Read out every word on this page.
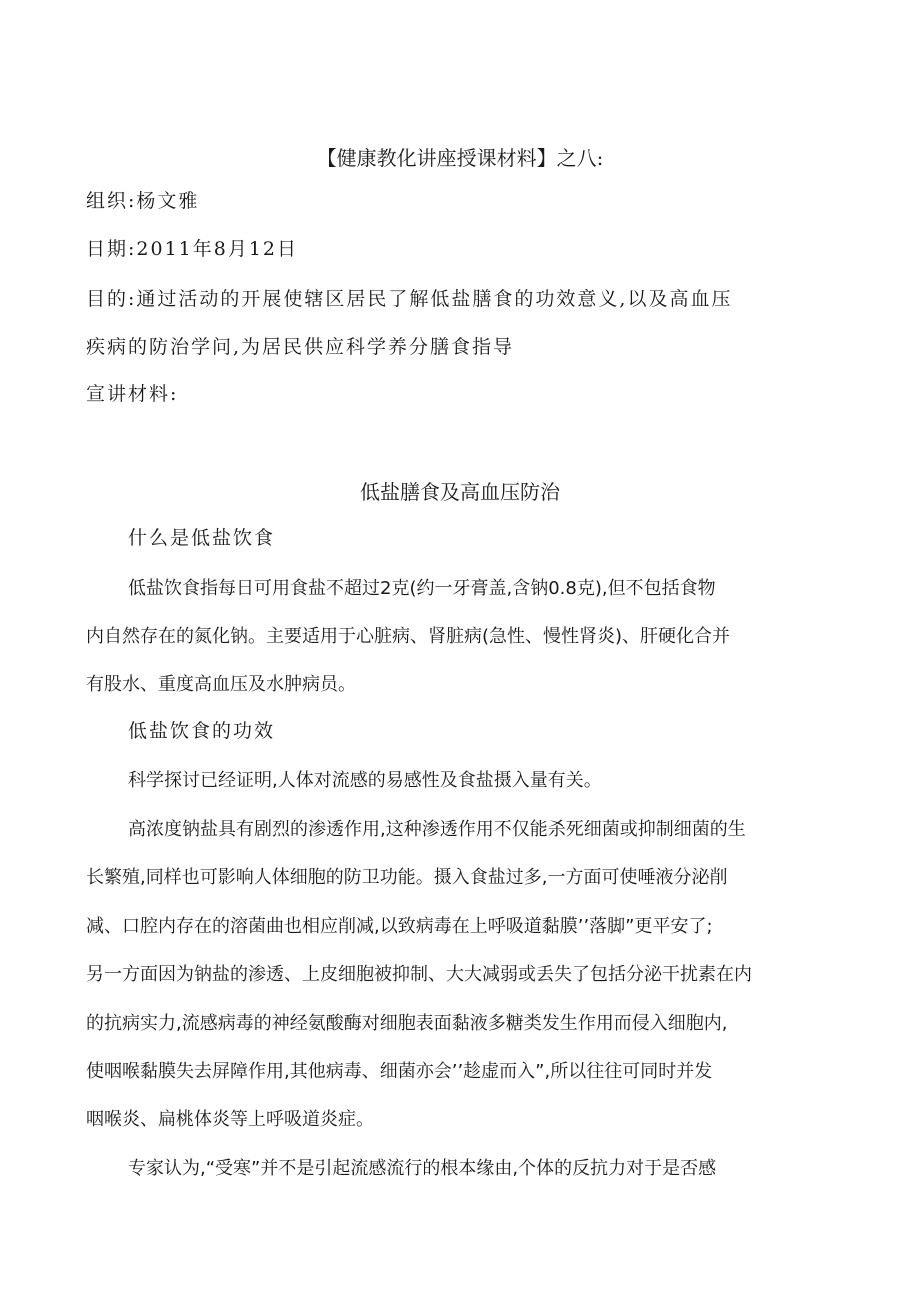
【健康教化讲座授课材料】之八:
组织:杨文雅
日期:2011年8月12日
目的:通过活动的开展使辖区居民了解低盐膳食的功效意义,以及高血压
疾病的防治学问,为居民供应科学养分膳食指导
宣讲材料:
低盐膳食及高血压防治
什么是低盐饮食
低盐饮食指每日可用食盐不超过2克(约一牙膏盖,含钠0.8克),但不包括食物
内自然存在的氮化钠。主要适用于心脏病、肾脏病(急性、慢性肾炎)、肝硬化合并
有股水、重度高血压及水肿病员。
低盐饮食的功效
科学探讨已经证明,人体对流感的易感性及食盐摄入量有关。
高浓度钠盐具有剧烈的渗透作用,这种渗透作用不仅能杀死细菌或抑制细菌的生
长繁殖,同样也可影响人体细胞的防卫功能。摄入食盐过多,一方面可使唾液分泌削
减、口腔内存在的溶菌曲也相应削减,以致病毒在上呼吸道黏膜’’落脚”更平安了;
另一方面因为钠盐的渗透、上皮细胞被抑制、大大减弱或丢失了包括分泌干扰素在内
的抗病实力,流感病毒的神经氨酸酶对细胞表面黏液多糖类发生作用而侵入细胞内,
使咽喉黏膜失去屏障作用,其他病毒、细菌亦会’’趁虚而入”,所以往往可同时并发
咽喉炎、扁桃体炎等上呼吸道炎症。
专家认为,“受寒”并不是引起流感流行的根本缘由,个体的反抗力对于是否感
